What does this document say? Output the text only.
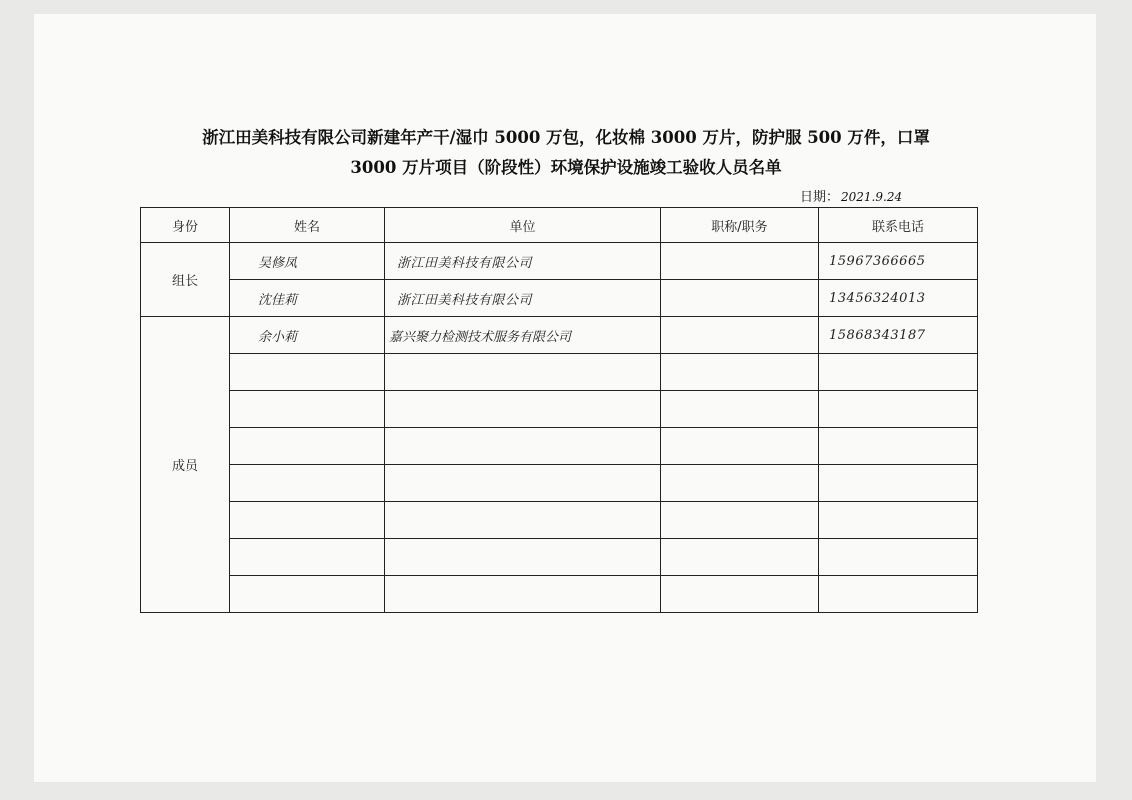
浙江田美科技有限公司新建年产干/湿巾 5000 万包，化妆棉 3000 万片，防护服 500 万件，口罩
3000 万片项目（阶段性）环境保护设施竣工验收人员名单
日期： 2021.9.24
身份	姓名	单位	职称/职务	联系电话
组长	吴修凤	浙江田美科技有限公司		15967366665
	沈佳莉	浙江田美科技有限公司		13456324013
成员	余小莉	嘉兴聚力检测技术服务有限公司		15868343187
